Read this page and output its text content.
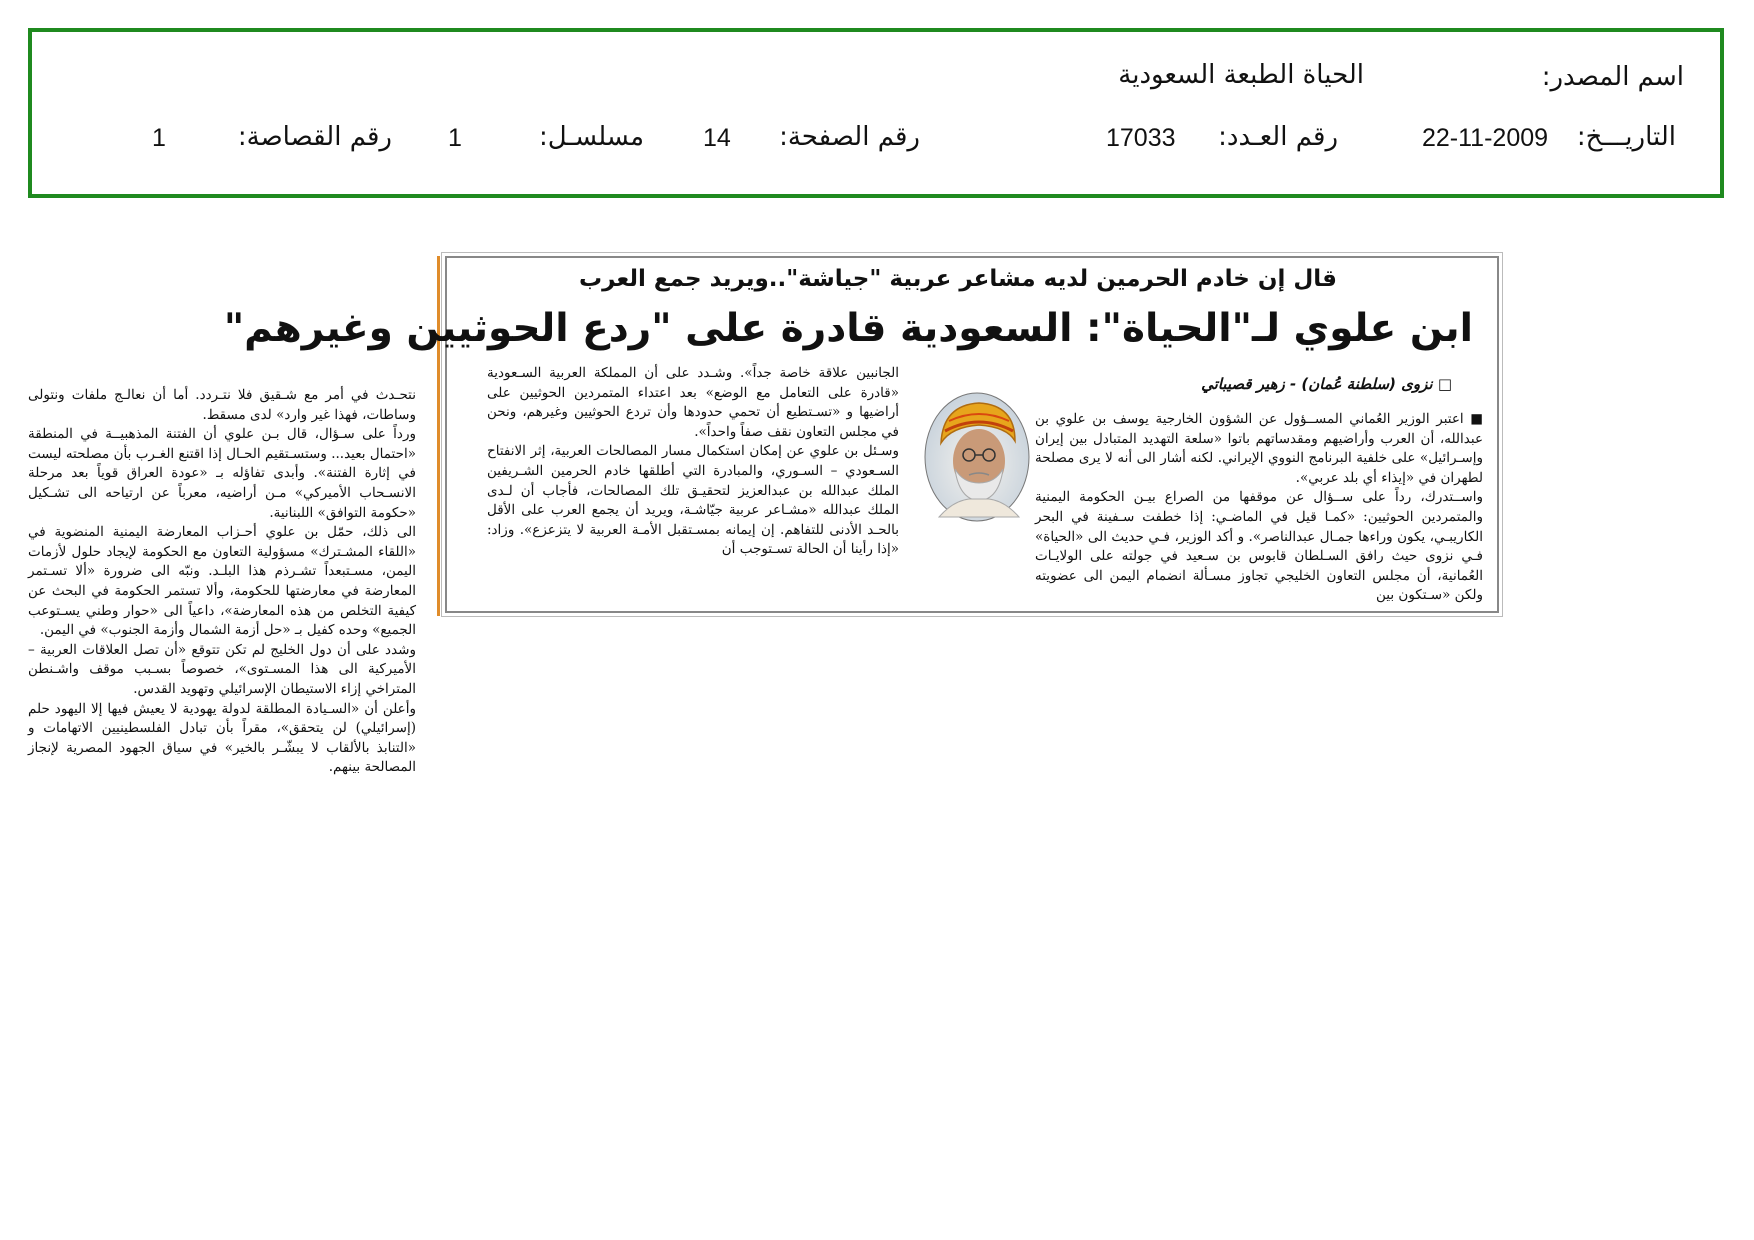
اسم المصدر:
الحياة الطبعة السعودية
التاريـــخ:
22-11-2009
رقم العـدد:
17033
رقم الصفحة:
14
مسلسـل:
1
رقم القصاصة:
1
قال إن خادم الحرمين لديه مشاعر عربية "جياشة"..ويريد جمع العرب
ابن علوي لـ"الحياة": السعودية قادرة على "ردع الحوثيين وغيرهم"
□ نزوى (سلطنة عُمان) - زهير قصيباتي

■ اعتبر الوزير العُماني المســؤول عن الشؤون الخارجية يوسف بن علوي بن عبدالله، أن العرب وأراضيهم ومقدساتهم باتوا «سلعة التهديد المتبادل بين إيران وإسـرائيل» على خلفية البرنامج النووي الإيراني. لكنه أشار الى أنه لا يرى مصلحة لطهران في «إيذاء أي بلد عربي».

واســتدرك، رداً على ســؤال عن موقفها من الصراع بيـن الحكومة اليمنية والمتمردين الحوثيين: «كمـا قيل في الماضـي: إذا خطفت سـفينة في البحر الكاريبـي، يكون وراءها جمـال عبدالناصر». و أكد الوزير، فـي حديث الى «الحياة» فـي نزوى حيث رافق السـلطان قابوس بن سـعيد في جولته على الولايـات العُمانية، أن مجلس التعاون الخليجي تجاوز مسـألة انضمام اليمن الى عضويته ولكن «سـتكون بين

الجانبين علاقة خاصة جداً». وشـدد على أن المملكة العربية السـعودية «قادرة على التعامل مع الوضع» بعد اعتداء المتمردين الحوثيين على أراضيها و «تسـتطيع أن تحمي حدودها وأن تردع الحوثيين وغيرهم، ونحن في مجلس التعاون نقف صفاً واحداً».

وسـئل بن علوي عن إمكان استكمال مسار المصالحات العربية، إثر الانفتاح السـعودي – السـوري، والمبادرة التي أطلقها خادم الحرمين الشـريفين الملك عبدالله بن عبدالعزيز لتحقيـق تلك المصالحات، فأجاب أن لـدى الملك عبدالله «مشـاعر عربية جيّاشـة، ويريد أن يجمع العرب على الأقل بالحـد الأدنى للتفاهم. إن إيمانه بمسـتقبل الأمـة العربية لا يتزعزع». وزاد: «إذا رأينا أن الحالة تسـتوجب أن

نتحـدث في أمر مع شـقيق فلا نتـردد. أما أن نعالـج ملفات ونتولى وساطات، فهذا غير وارد» لدى مسقط.

ورداً على سـؤال، قال بـن علوي أن الفتنة المذهبيــة في المنطقة «احتمال بعيد... وستسـتقيم الحـال إذا اقتنع الغـرب بأن مصلحته ليست في إثارة الفتنة». وأبدى تفاؤله بـ «عودة العراق قوياً بعد مرحلة الانسـحاب الأميركي» مـن أراضيه، معرباً عن ارتياحه الى تشـكيل «حكومة التوافق» اللبنانية.

الى ذلك، حمّل بن علوي أحـزاب المعارضة اليمنية المنضوية في «اللقاء المشـترك» مسؤولية التعاون مع الحكومة لإيجاد حلول لأزمات اليمن، مسـتبعداً تشـرذم هذا البلـد. ونبّه الى ضرورة «ألا تسـتمر المعارضة في معارضتها للحكومة، وألا تستمر الحكومة في البحث عن كيفية التخلص من هذه المعارضة»، داعياً الى «حوار وطني يسـتوعب الجميع» وحده كفيل بـ «حل أزمة الشمال وأزمة الجنوب» في اليمن.

وشدد على أن دول الخليج لم تكن تتوقع «أن تصل العلاقات العربية – الأميركية الى هذا المسـتوى»، خصوصاً بسـبب موقف واشـنطن المتراخي إزاء الاستيطان الإسرائيلي وتهويد القدس.

وأعلن أن «السـيادة المطلقة لدولة يهودية لا يعيش فيها إلا اليهود حلم (إسرائيلي) لن يتحقق»، مقراً بأن تبادل الفلسطينيين الاتهامات و «التنابذ بالألقاب لا يبشّـر بالخير» في سياق الجهود المصرية لإنجاز المصالحة بينهم.
